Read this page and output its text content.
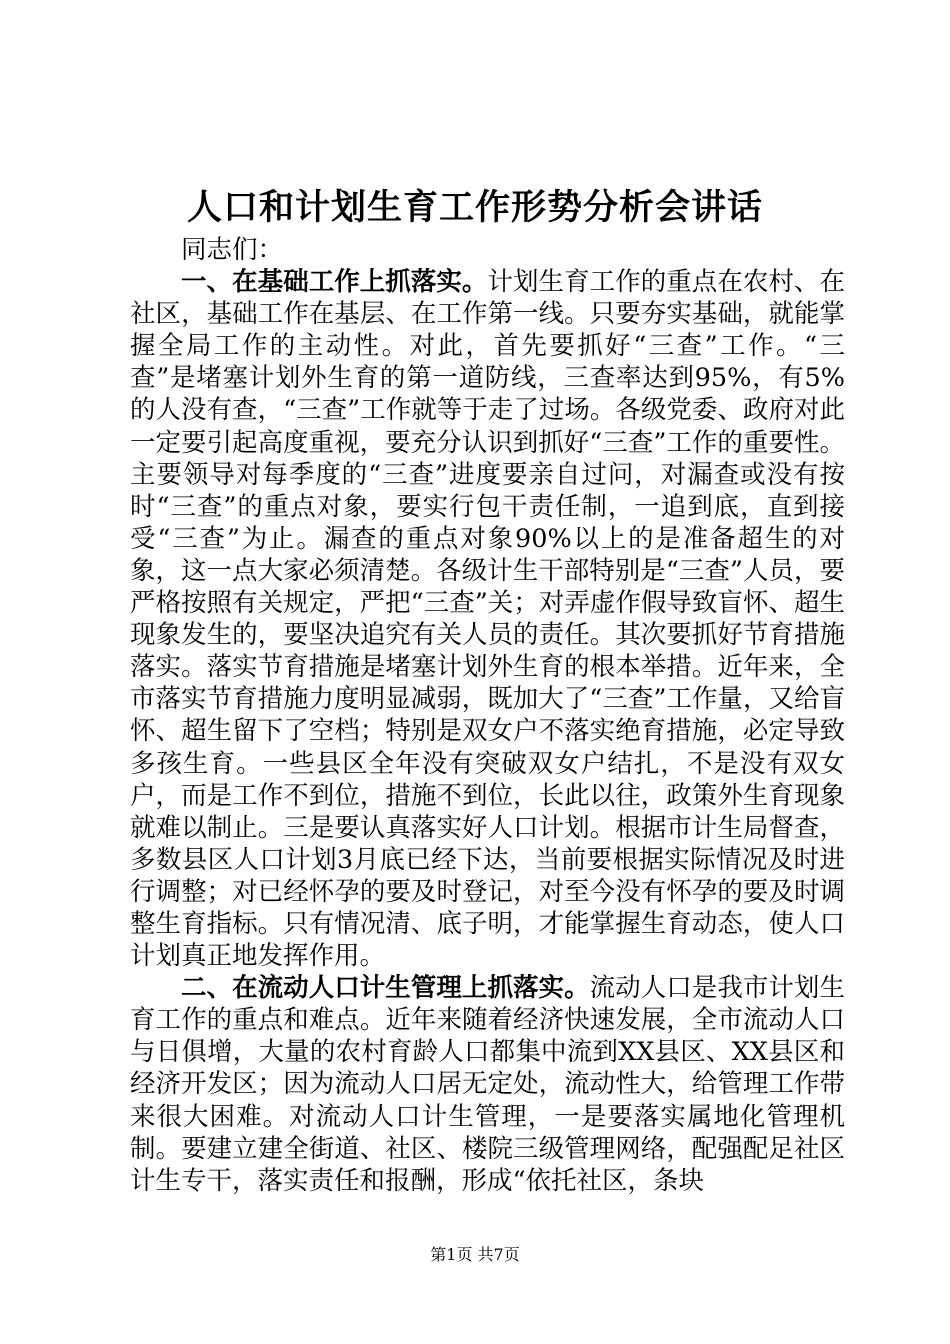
人口和计划生育工作形势分析会讲话

同志们：

一、在基础工作上抓落实。计划生育工作的重点在农村、在社区，基础工作在基层、在工作第一线。只要夯实基础，就能掌握全局工作的主动性。对此，首先要抓好“三查”工作。“三查”是堵塞计划外生育的第一道防线，三查率达到95%，有5%的人没有查，“三查”工作就等于走了过场。各级党委、政府对此一定要引起高度重视，要充分认识到抓好“三查”工作的重要性。主要领导对每季度的“三查”进度要亲自过问，对漏查或没有按时“三查”的重点对象，要实行包干责任制，一追到底，直到接受“三查”为止。漏查的重点对象90%以上的是准备超生的对象，这一点大家必须清楚。各级计生干部特别是“三查”人员，要严格按照有关规定，严把“三查”关；对弄虚作假导致盲怀、超生现象发生的，要坚决追究有关人员的责任。其次要抓好节育措施落实。落实节育措施是堵塞计划外生育的根本举措。近年来，全市落实节育措施力度明显减弱，既加大了“三查”工作量，又给盲怀、超生留下了空档；特别是双女户不落实绝育措施，必定导致多孩生育。一些县区全年没有突破双女户结扎，不是没有双女户，而是工作不到位，措施不到位，长此以往，政策外生育现象就难以制止。三是要认真落实好人口计划。根据市计生局督查，多数县区人口计划3月底已经下达，当前要根据实际情况及时进行调整；对已经怀孕的要及时登记，对至今没有怀孕的要及时调整生育指标。只有情况清、底子明，才能掌握生育动态，使人口计划真正地发挥作用。

二、在流动人口计生管理上抓落实。流动人口是我市计划生育工作的重点和难点。近年来随着经济快速发展，全市流动人口与日俱增，大量的农村育龄人口都集中流到XX县区、XX县区和经济开发区；因为流动人口居无定处，流动性大，给管理工作带来很大困难。对流动人口计生管理，一是要落实属地化管理机制。要建立建全街道、社区、楼院三级管理网络，配强配足社区计生专干，落实责任和报酬，形成“依托社区，条块

第1页 共7页
